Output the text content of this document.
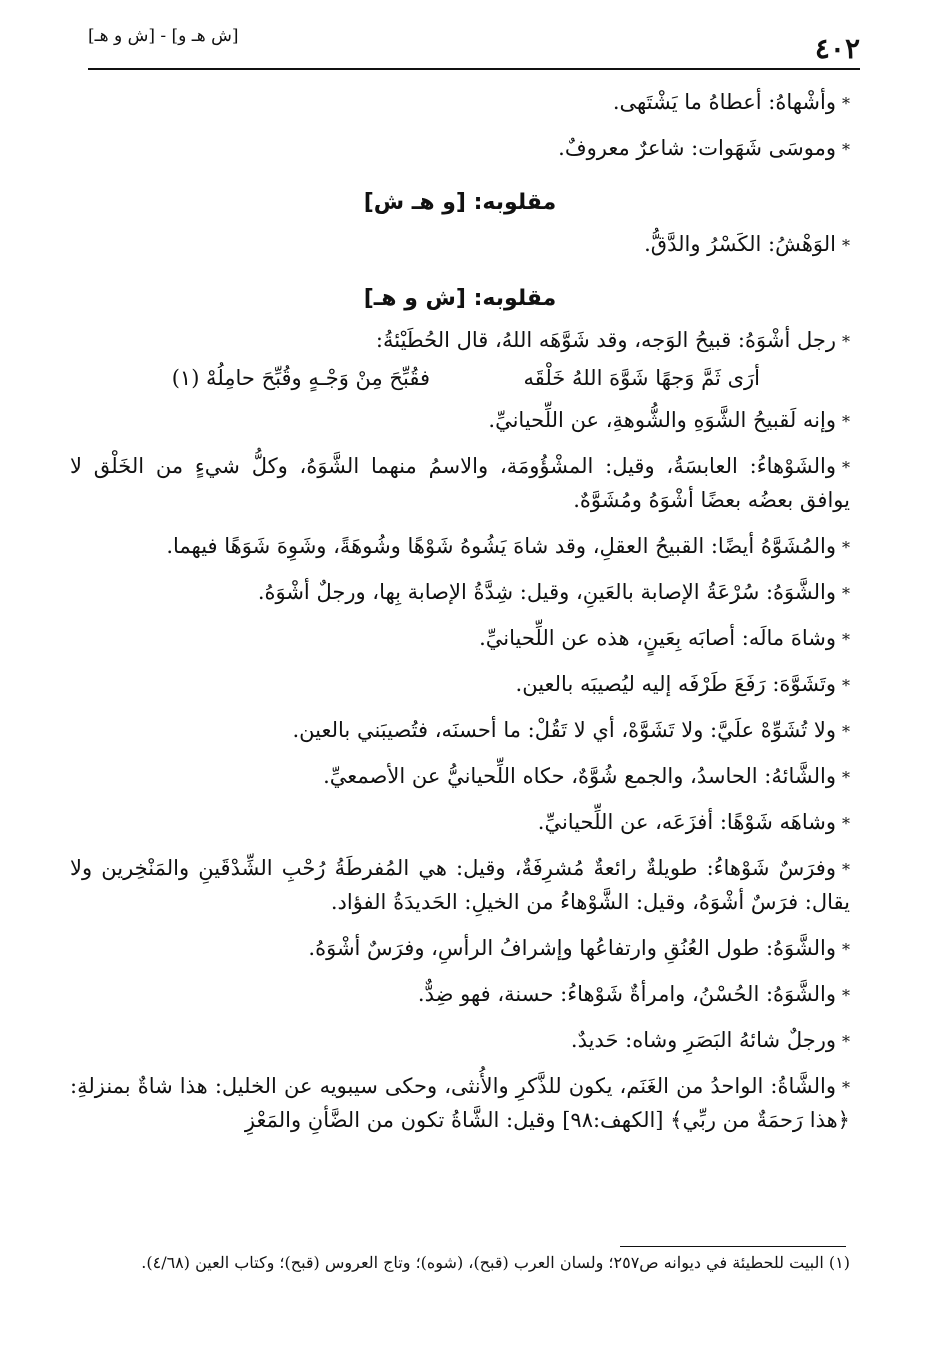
٤٠٢
[ش هـ و] - [ش و هـ]
*وأشْهاهُ: أعطاهُ ما يَشْتَهى.
*وموسَى شَهَوات: شاعرٌ معروفٌ.
مقلوبه: [و هـ ش]
*الوَهْشُ: الكَسْرُ والدَّقُّ.
مقلوبه: [ش و هـ]
*رجل أشْوَهُ: قبيحُ الوَجه، وقد شَوَّهَه اللهُ، قال الحُطَيْئةُ:
أرَى ثَمَّ وَجهًا شَوَّهَ اللهُ خَلْقَه
فقُبِّحَ مِنْ وَجْـهٍ وقُبِّحَ حامِلُهْ (١)
*وإنه لَقبيحُ الشَّوَهِ والشُّوهةِ، عن اللِّحيانيِّ.
*والشَوْهاءُ: العابسَةُ، وقيل: المشْؤُومَة، والاسمُ منهما الشَّوَهُ، وكلُّ شيءٍ من الخَلْق لا يوافق بعضُه بعضًا أشْوَهُ ومُشَوَّهٌ.
*والمُشَوَّهُ أيضًا: القبيحُ العقلِ، وقد شاهَ يَشُوهُ شَوْهًا وشُوهَةً، وشَوِهَ شَوَهًا فيهما.
*والشَّوَهُ: سُرْعَةُ الإصابة بالعَينِ، وقيل: شِدَّةُ الإصابة بِها، ورجلٌ أشْوَهُ.
*وشاهَ مالَه: أصابَه بِعَينٍ، هذه عن اللِّحيانيِّ.
*وتَشَوَّهَ: رَفَعَ طَرْفَه إليه ليُصيبَه بالعين.
*ولا تُشَوِّهْ علَيَّ: ولا تَشَوَّهْ، أي لا تَقُلْ: ما أحسنَه، فتُصيبَني بالعين.
*والشَّائهُ: الحاسدُ، والجمع شُوَّهٌ، حكاه اللِّحيانيُّ عن الأصمعيِّ.
*وشاهَه شَوْهًا: أفزَعَه، عن اللِّحيانيِّ.
*وفرَسٌ شَوْهاءُ: طويلةٌ رائعةٌ مُشرِفَةٌ، وقيل: هي المُفرطَةُ رُحْبِ الشِّدْقَينِ والمَنْخِرين ولا يقال: فرَسٌ أشْوَهُ، وقيل: الشَّوْهاءُ من الخيلِ: الحَديدَةُ الفؤاد.
*والشَّوَهُ: طول العُنُقِ وارتفاعُها وإشرافُ الرأسِ، وفرَسٌ أشْوَهُ.
*والشَّوَهُ: الحُسْنُ، وامرأةٌ شَوْهاءُ: حسنة، فهو ضِدٌّ.
*ورجلٌ شائهُ البَصَرِ وشاه: حَديدٌ.
*والشَّاةُ: الواحدُ من الغَنَم، يكون للذَّكرِ والأُنثى، وحكى سيبويه عن الخليل: هذا شاةٌ بمنزلةِ: ﴿هذا رَحمَةٌ من ربِّي﴾ [الكهف:٩٨] وقيل: الشَّاةُ تكون من الضَّأنِ والمَعْزِ
(١) البيت للحطيئة في ديوانه ص٢٥٧؛ ولسان العرب (قبح)، (شوه)؛ وتاج العروس (قبح)؛ وكتاب العين (٤/٦٨).
